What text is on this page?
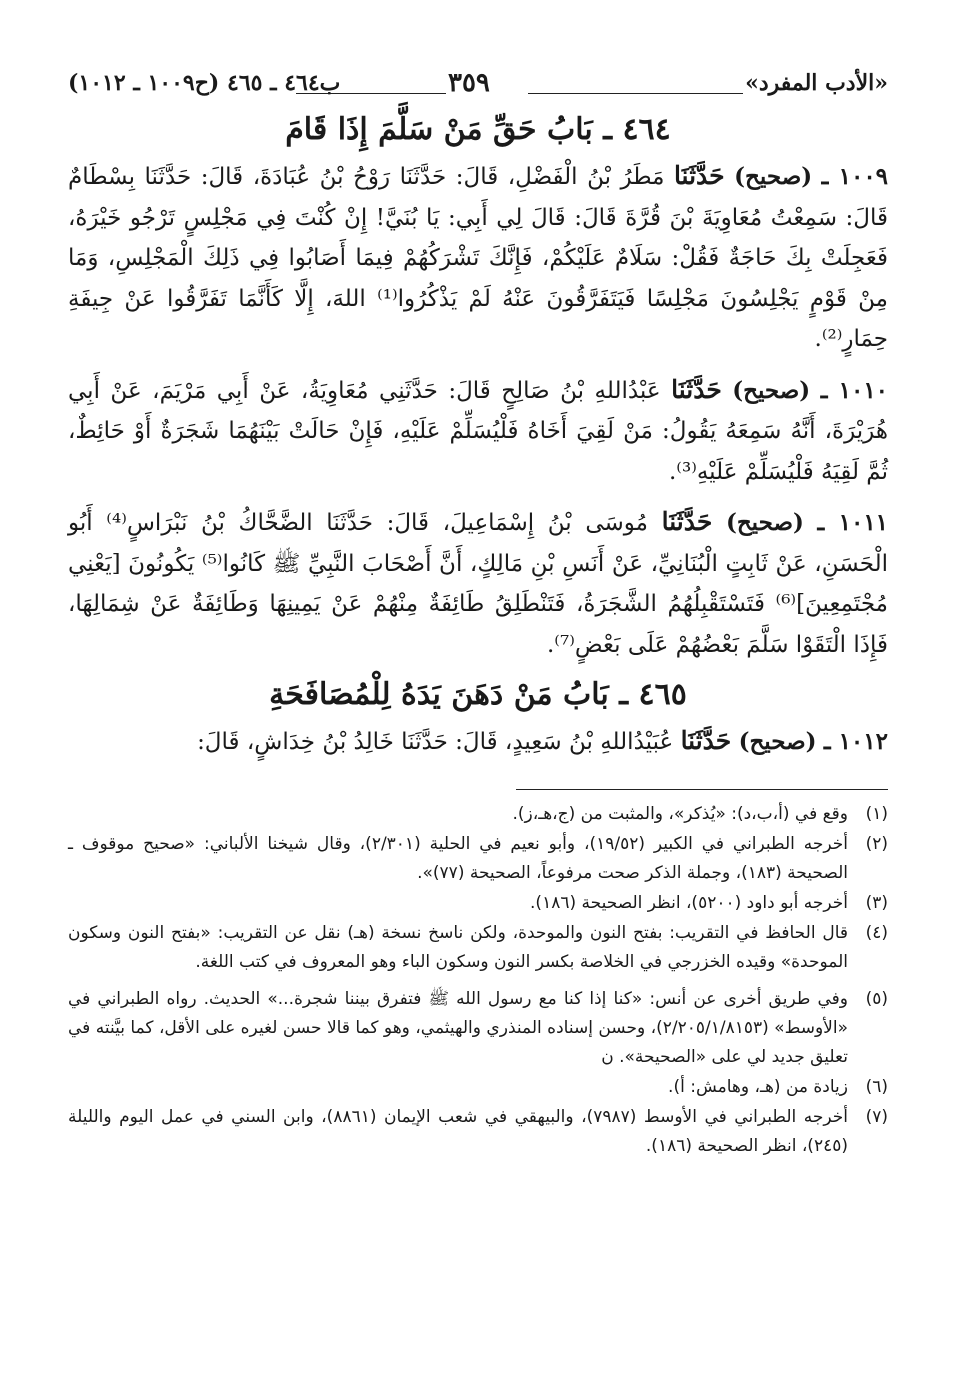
«الأدب المفرد»
٣٥٩
ب٤٦٤ ـ ٤٦٥ (ح١٠٠٩ ـ ١٠١٢)
٤٦٤ ـ بَابُ حَقِّ مَنْ سَلَّمَ إِذَا قَامَ

١٠٠٩ ـ (صحيح) حَدَّثَنَا مَطَرُ بْنُ الْفَضْلِ، قَالَ: حَدَّثَنَا رَوْحُ بْنُ عُبَادَةَ، قَالَ: حَدَّثَنَا بِسْطَامٌ قَالَ: سَمِعْتُ مُعَاوِيَةَ بْنَ قُرَّةَ قَالَ: قَالَ لِي أَبِي: يَا بُنَيَّ! إِنْ كُنْتَ فِي مَجْلِسٍ تَرْجُو خَيْرَهُ، فَعَجِلَتْ بِكَ حَاجَةٌ فَقُلْ: سَلَامٌ عَلَيْكُمْ، فَإِنَّكَ تَشْرَكُهُمْ فِيمَا أَصَابُوا فِي ذَلِكَ الْمَجْلِسِ، وَمَا مِنْ قَوْمٍ يَجْلِسُونَ مَجْلِسًا فَيَتَفَرَّقُونَ عَنْهُ لَمْ يَذْكُرُوا⁽¹⁾ اللهَ، إِلَّا كَأَنَّمَا تَفَرَّقُوا عَنْ جِيفَةِ حِمَارٍ⁽²⁾.

١٠١٠ ـ (صحيح) حَدَّثَنَا عَبْدُاللهِ بْنُ صَالِحٍ قَالَ: حَدَّثَنِي مُعَاوِيَةُ، عَنْ أَبِي مَرْيَمَ، عَنْ أَبِي هُرَيْرَةَ، أَنَّهُ سَمِعَهُ يَقُولُ: مَنْ لَقِيَ أَخَاهُ فَلْيُسَلِّمْ عَلَيْهِ، فَإِنْ حَالَتْ بَيْنَهُمَا شَجَرَةٌ أَوْ حَائِطٌ، ثُمَّ لَقِيَهُ فَلْيُسَلِّمْ عَلَيْهِ⁽³⁾.

١٠١١ ـ (صحيح) حَدَّثَنَا مُوسَى بْنُ إِسْمَاعِيلَ، قَالَ: حَدَّثَنَا الضَّحَّاكُ بْنُ نَبْرَاسٍ⁽⁴⁾ أَبُو الْحَسَنِ، عَنْ ثَابِتٍ الْبُنَانِيِّ، عَنْ أَنَسِ بْنِ مَالِكٍ، أَنَّ أَصْحَابَ النَّبِيِّ ﷺ كَانُوا⁽⁵⁾ يَكُونُونَ [يَعْنِي مُجْتَمِعِينَ]⁽⁶⁾ فَتَسْتَقْبِلُهُمُ الشَّجَرَةُ، فَتَنْطَلِقُ طَائِفَةٌ مِنْهُمْ عَنْ يَمِينِهَا وَطَائِفَةٌ عَنْ شِمَالِهَا، فَإِذَا الْتَقَوْا سَلَّمَ بَعْضُهُمْ عَلَى بَعْضٍ⁽⁷⁾.

٤٦٥ ـ بَابُ مَنْ دَهَنَ يَدَهُ لِلْمُصَافَحَةِ

١٠١٢ ـ (صحيح) حَدَّثَنَا عُبَيْدُاللهِ بْنُ سَعِيدٍ، قَالَ: حَدَّثَنَا خَالِدُ بْنُ خِدَاشٍ، قَالَ:

(١)
وقع في (أ،ب،د): «يُذكر»، والمثبت من (ج،هـ،ز).
(٢)
أخرجه الطبراني في الكبير (١٩/٥٢)، وأبو نعيم في الحلية (٢/٣٠١)، وقال شيخنا الألباني: «صحيح موقوف ـ الصحيحة (١٨٣)، وجملة الذكر صحت مرفوعاً، الصحيحة (٧٧)».
(٣)
أخرجه أبو داود (٥٢٠٠)، انظر الصحيحة (١٨٦).
(٤)
قال الحافظ في التقريب: بفتح النون والموحدة، ولكن ناسخ نسخة (هـ) نقل عن التقريب: «بفتح النون وسكون الموحدة» وقيده الخزرجي في الخلاصة بكسر النون وسكون الباء وهو المعروف في كتب اللغة.
(٥)
وفي طريق أخرى عن أنس: «كنا إذا كنا مع رسول الله ﷺ فتفرق بيننا شجرة...» الحديث. رواه الطبراني في «الأوسط» (٢/٢٠٥/١/٨١٥٣)، وحسن إسناده المنذري والهيثمي، وهو كما قالا حسن لغيره على الأقل، كما بيَّنته في تعليق جديد لي على «الصحيحة». ن
(٦)
زيادة من (هـ، وهامش: أ).
(٧)
أخرجه الطبراني في الأوسط (٧٩٨٧)، والبيهقي في شعب الإيمان (٨٨٦١)، وابن السني في عمل اليوم والليلة (٢٤٥)، انظر الصحيحة (١٨٦).
